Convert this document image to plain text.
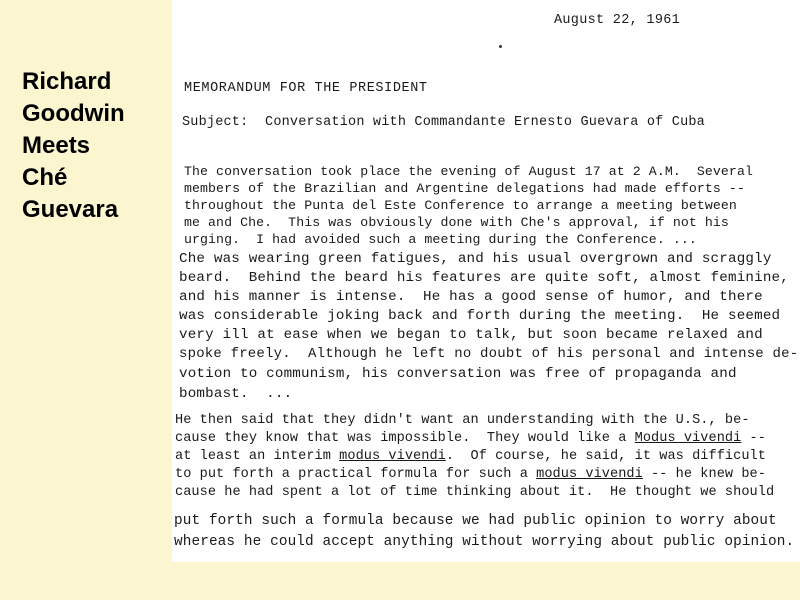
Richard
Goodwin
Meets
Ché
Guevara
August 22, 1961
MEMORANDUM FOR THE PRESIDENT
Subject:  Conversation with Commandante Ernesto Guevara of Cuba
The conversation took place the evening of August 17 at 2 A.M.  Several
members of the Brazilian and Argentine delegations had made efforts --
throughout the Punta del Este Conference to arrange a meeting between
me and Che.  This was obviously done with Che's approval, if not his
urging.  I had avoided such a meeting during the Conference. ...
Che was wearing green fatigues, and his usual overgrown and scraggly
beard.  Behind the beard his features are quite soft, almost feminine,
and his manner is intense.  He has a good sense of humor, and there
was considerable joking back and forth during the meeting.  He seemed
very ill at ease when we began to talk, but soon became relaxed and
spoke freely.  Although he left no doubt of his personal and intense de-
votion to communism, his conversation was free of propaganda and
bombast.  ...
He then said that they didn't want an understanding with the U.S., be-
cause they know that was impossible.  They would like a Modus vivendi --
at least an interim modus vivendi.  Of course, he said, it was difficult
to put forth a practical formula for such a modus vivendi -- he knew be-
cause he had spent a lot of time thinking about it.  He thought we should
put forth such a formula because we had public opinion to worry about
whereas he could accept anything without worrying about public opinion.
